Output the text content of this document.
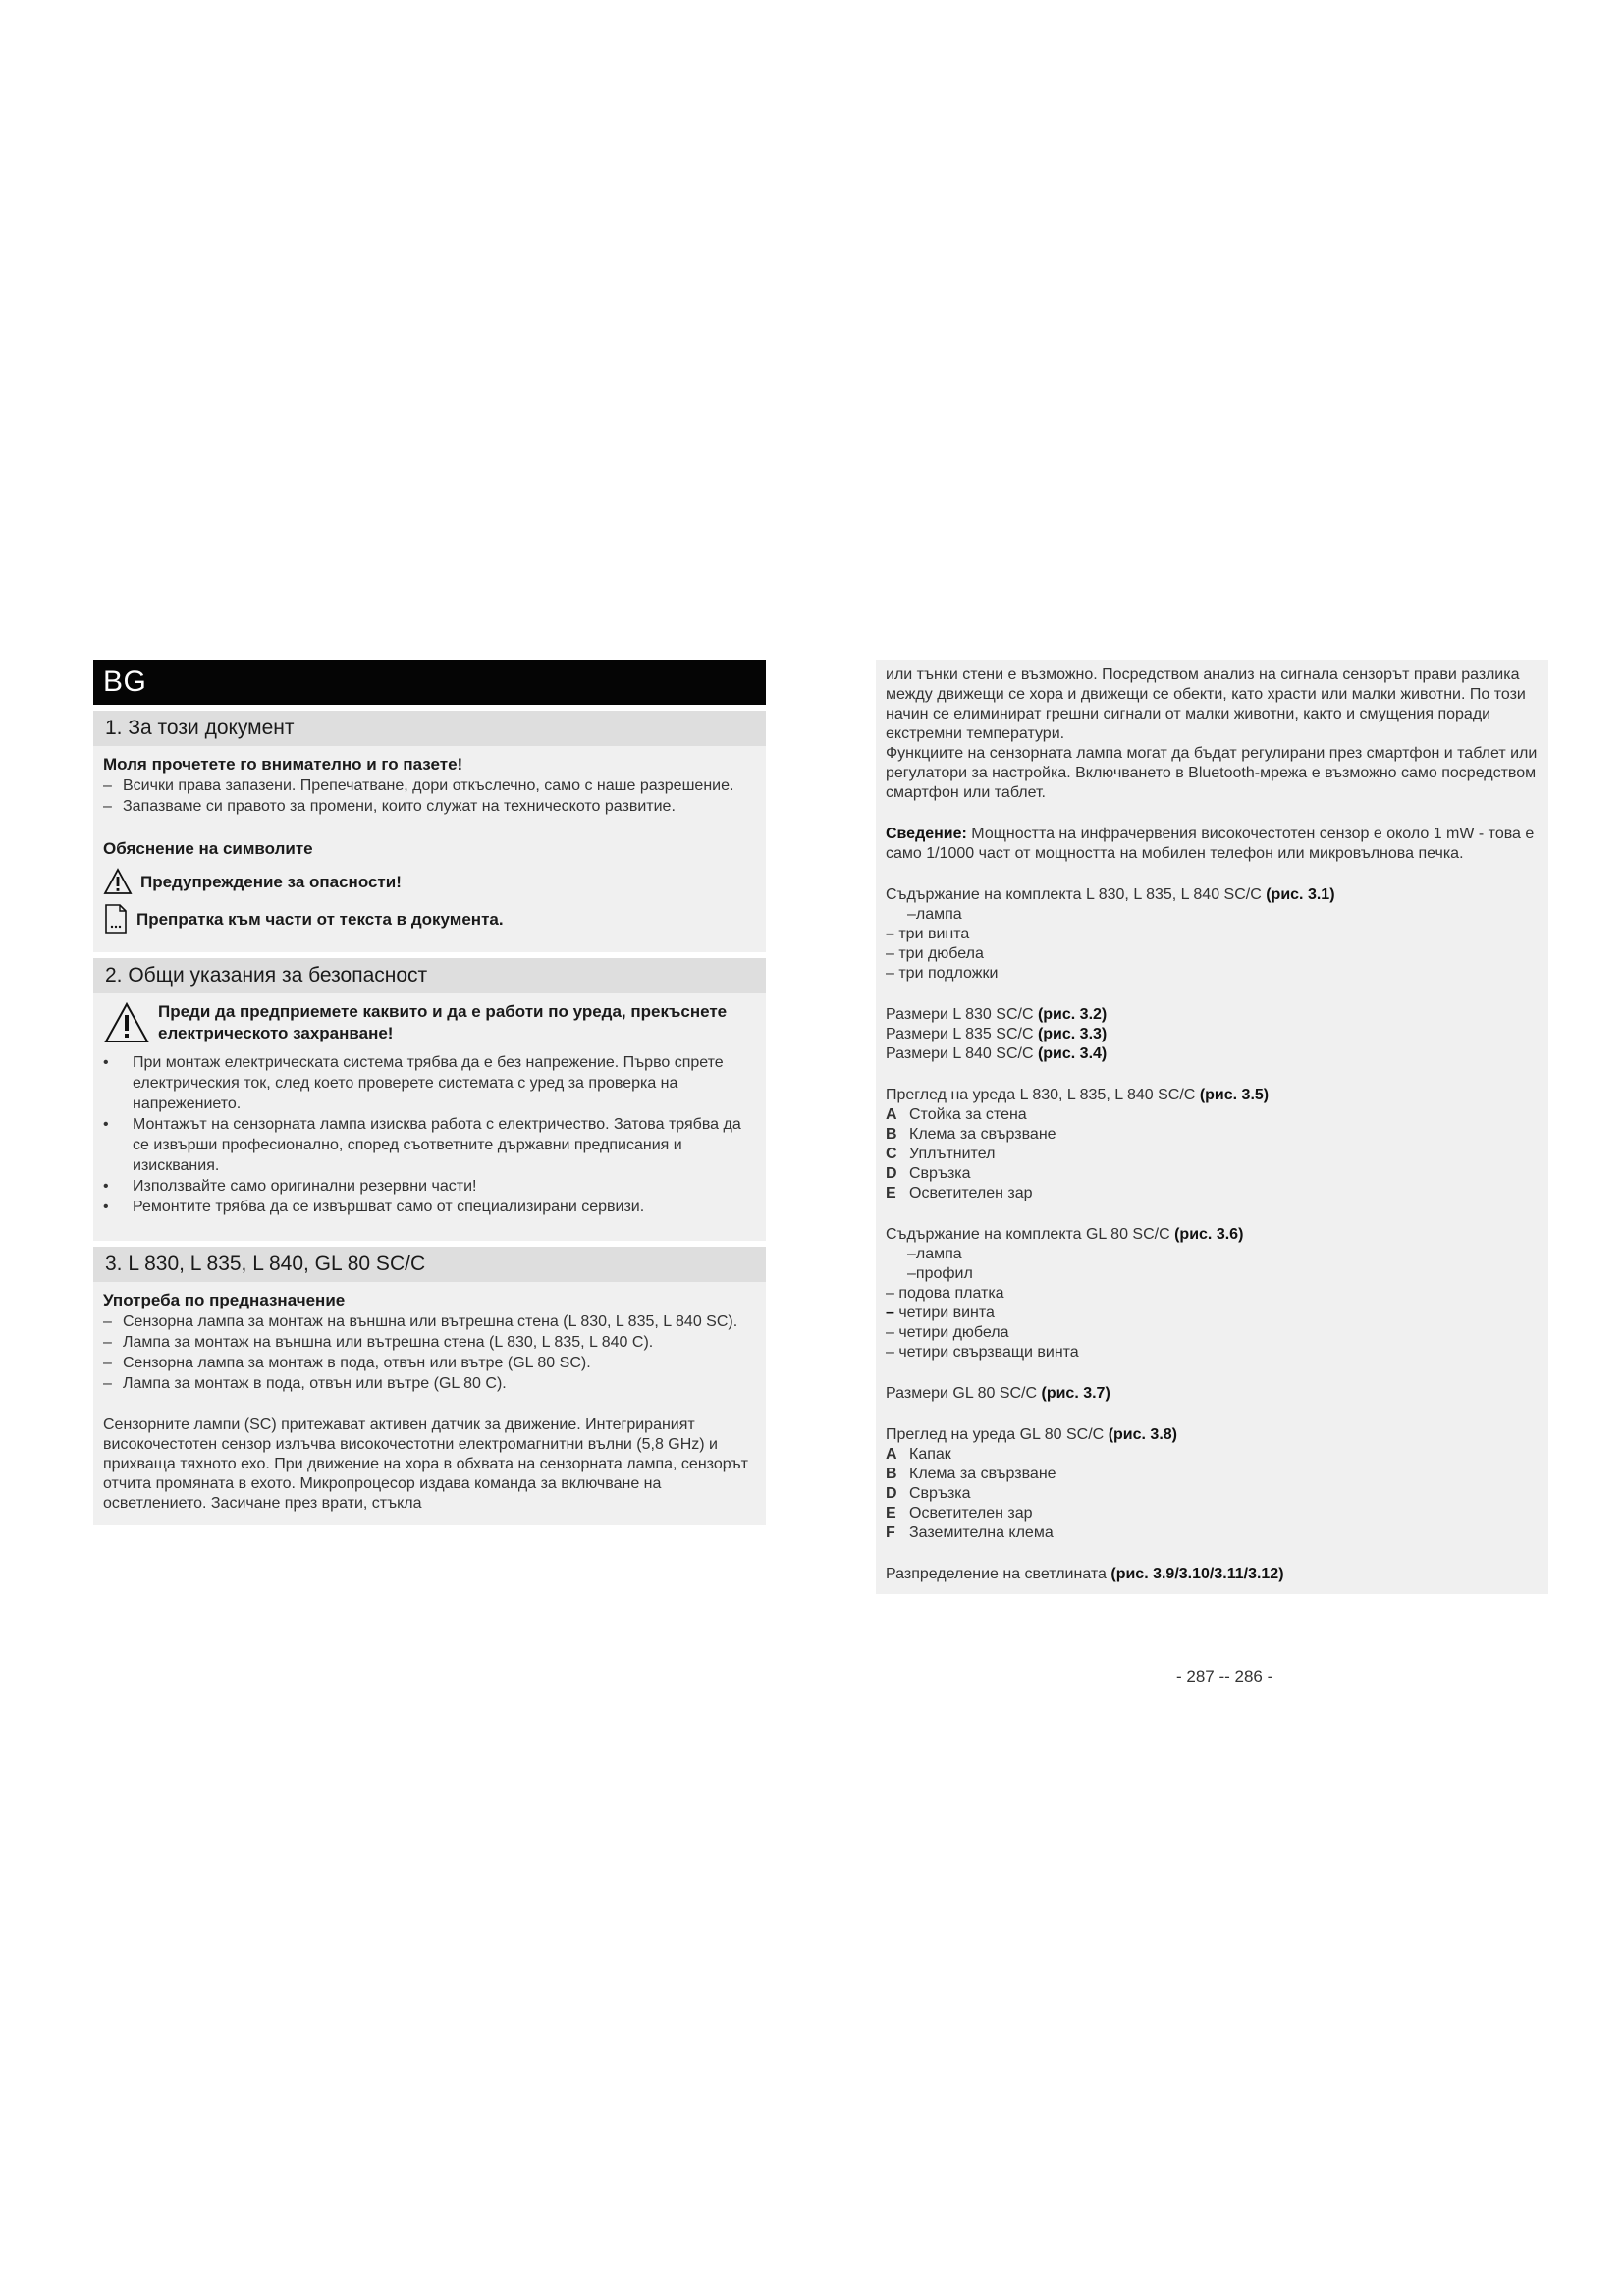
BG
1. За този документ
Моля прочетете го внимателно и го пазете!
– Всички права запазени. Препечатване, дори откъслечно, само с наше разрешение.
– Запазваме си правото за промени, които служат на техническото развитие.
Обяснение на символите
Предупреждение за опасности!
Препратка към части от текста в документа.
2. Общи указания за безопасност
Преди да предприемете каквито и да е работи по уреда, прекъснете електрическото захранване!
• При монтаж електрическата система трябва да е без напрежение. Първо спрете електрическия ток, след което проверете системата с уред за проверка на напрежението.
• Монтажът на сензорната лампа изисква работа с електричество. Затова трябва да се извърши професионално, според съответните държавни предписания и изисквания.
• Използвайте само оригинални резервни части!
• Ремонтите трябва да се извършват само от специализирани сервизи.
3. L 830, L 835, L 840, GL 80 SC/C
Употреба по предназначение
– Сензорна лампа за монтаж на външна или вътрешна стена (L 830, L 835, L 840 SC).
– Лампа за монтаж на външна или вътрешна стена (L 830, L 835, L 840 C).
– Сензорна лампа за монтаж в пода, отвън или вътре (GL 80 SC).
– Лампа за монтаж в пода, отвън или вътре (GL 80 C).
Сензорните лампи (SC) притежават активен датчик за движение. Интегрираният високочестотен сензор излъчва високочестотни електромагнитни вълни (5,8 GHz) и прихваща тяхното ехо. При движение на хора в обхвата на сензорната лампа, сензорът отчита промяната в ехото. Микропроцесор издава команда за включване на осветлението. Засичане през врати, стъкла
или тънки стени е възможно. Посредством анализ на сигнала сензорът прави разлика между движещи се хора и движещи се обекти, като храсти или малки животни. По този начин се елиминират грешни сигнали от малки животни, както и смущения поради екстремни температури.
Функциите на сензорната лампа могат да бъдат регулирани през смартфон и таблет или регулатори за настройка. Включването в Bluetooth-мрежа е възможно само посредством смартфон или таблет.
Сведение: Мощността на инфрачервения високочестотен сензор е около 1 mW - това е само 1/1000 част от мощността на мобилен телефон или микровълнова печка.
Съдържание на комплекта L 830, L 835, L 840 SC/C (рис. 3.1)
–лампа
– три винта
– три дюбела
– три подложки
Размери L 830 SC/C (рис. 3.2)
Размери L 835 SC/C (рис. 3.3)
Размери L 840 SC/C (рис. 3.4)
Преглед на уреда L 830, L 835, L 840 SC/C (рис. 3.5)
A Стойка за стена
B Клема за свързване
C Уплътнител
D Свръзка
E Осветителен зар
Съдържание на комплекта GL 80 SC/C (рис. 3.6)
–лампа
–профил
– подова платка
– четири винта
– четири дюбела
– четири свързващи винта
Размери GL 80 SC/C (рис. 3.7)
Преглед на уреда GL 80 SC/C (рис. 3.8)
A Капак
B Клема за свързване
D Свръзка
E Осветителен зар
F Заземителна клема
Разпределение на светлината (рис. 3.9/3.10/3.11/3.12)
- 287 -- 286 -
